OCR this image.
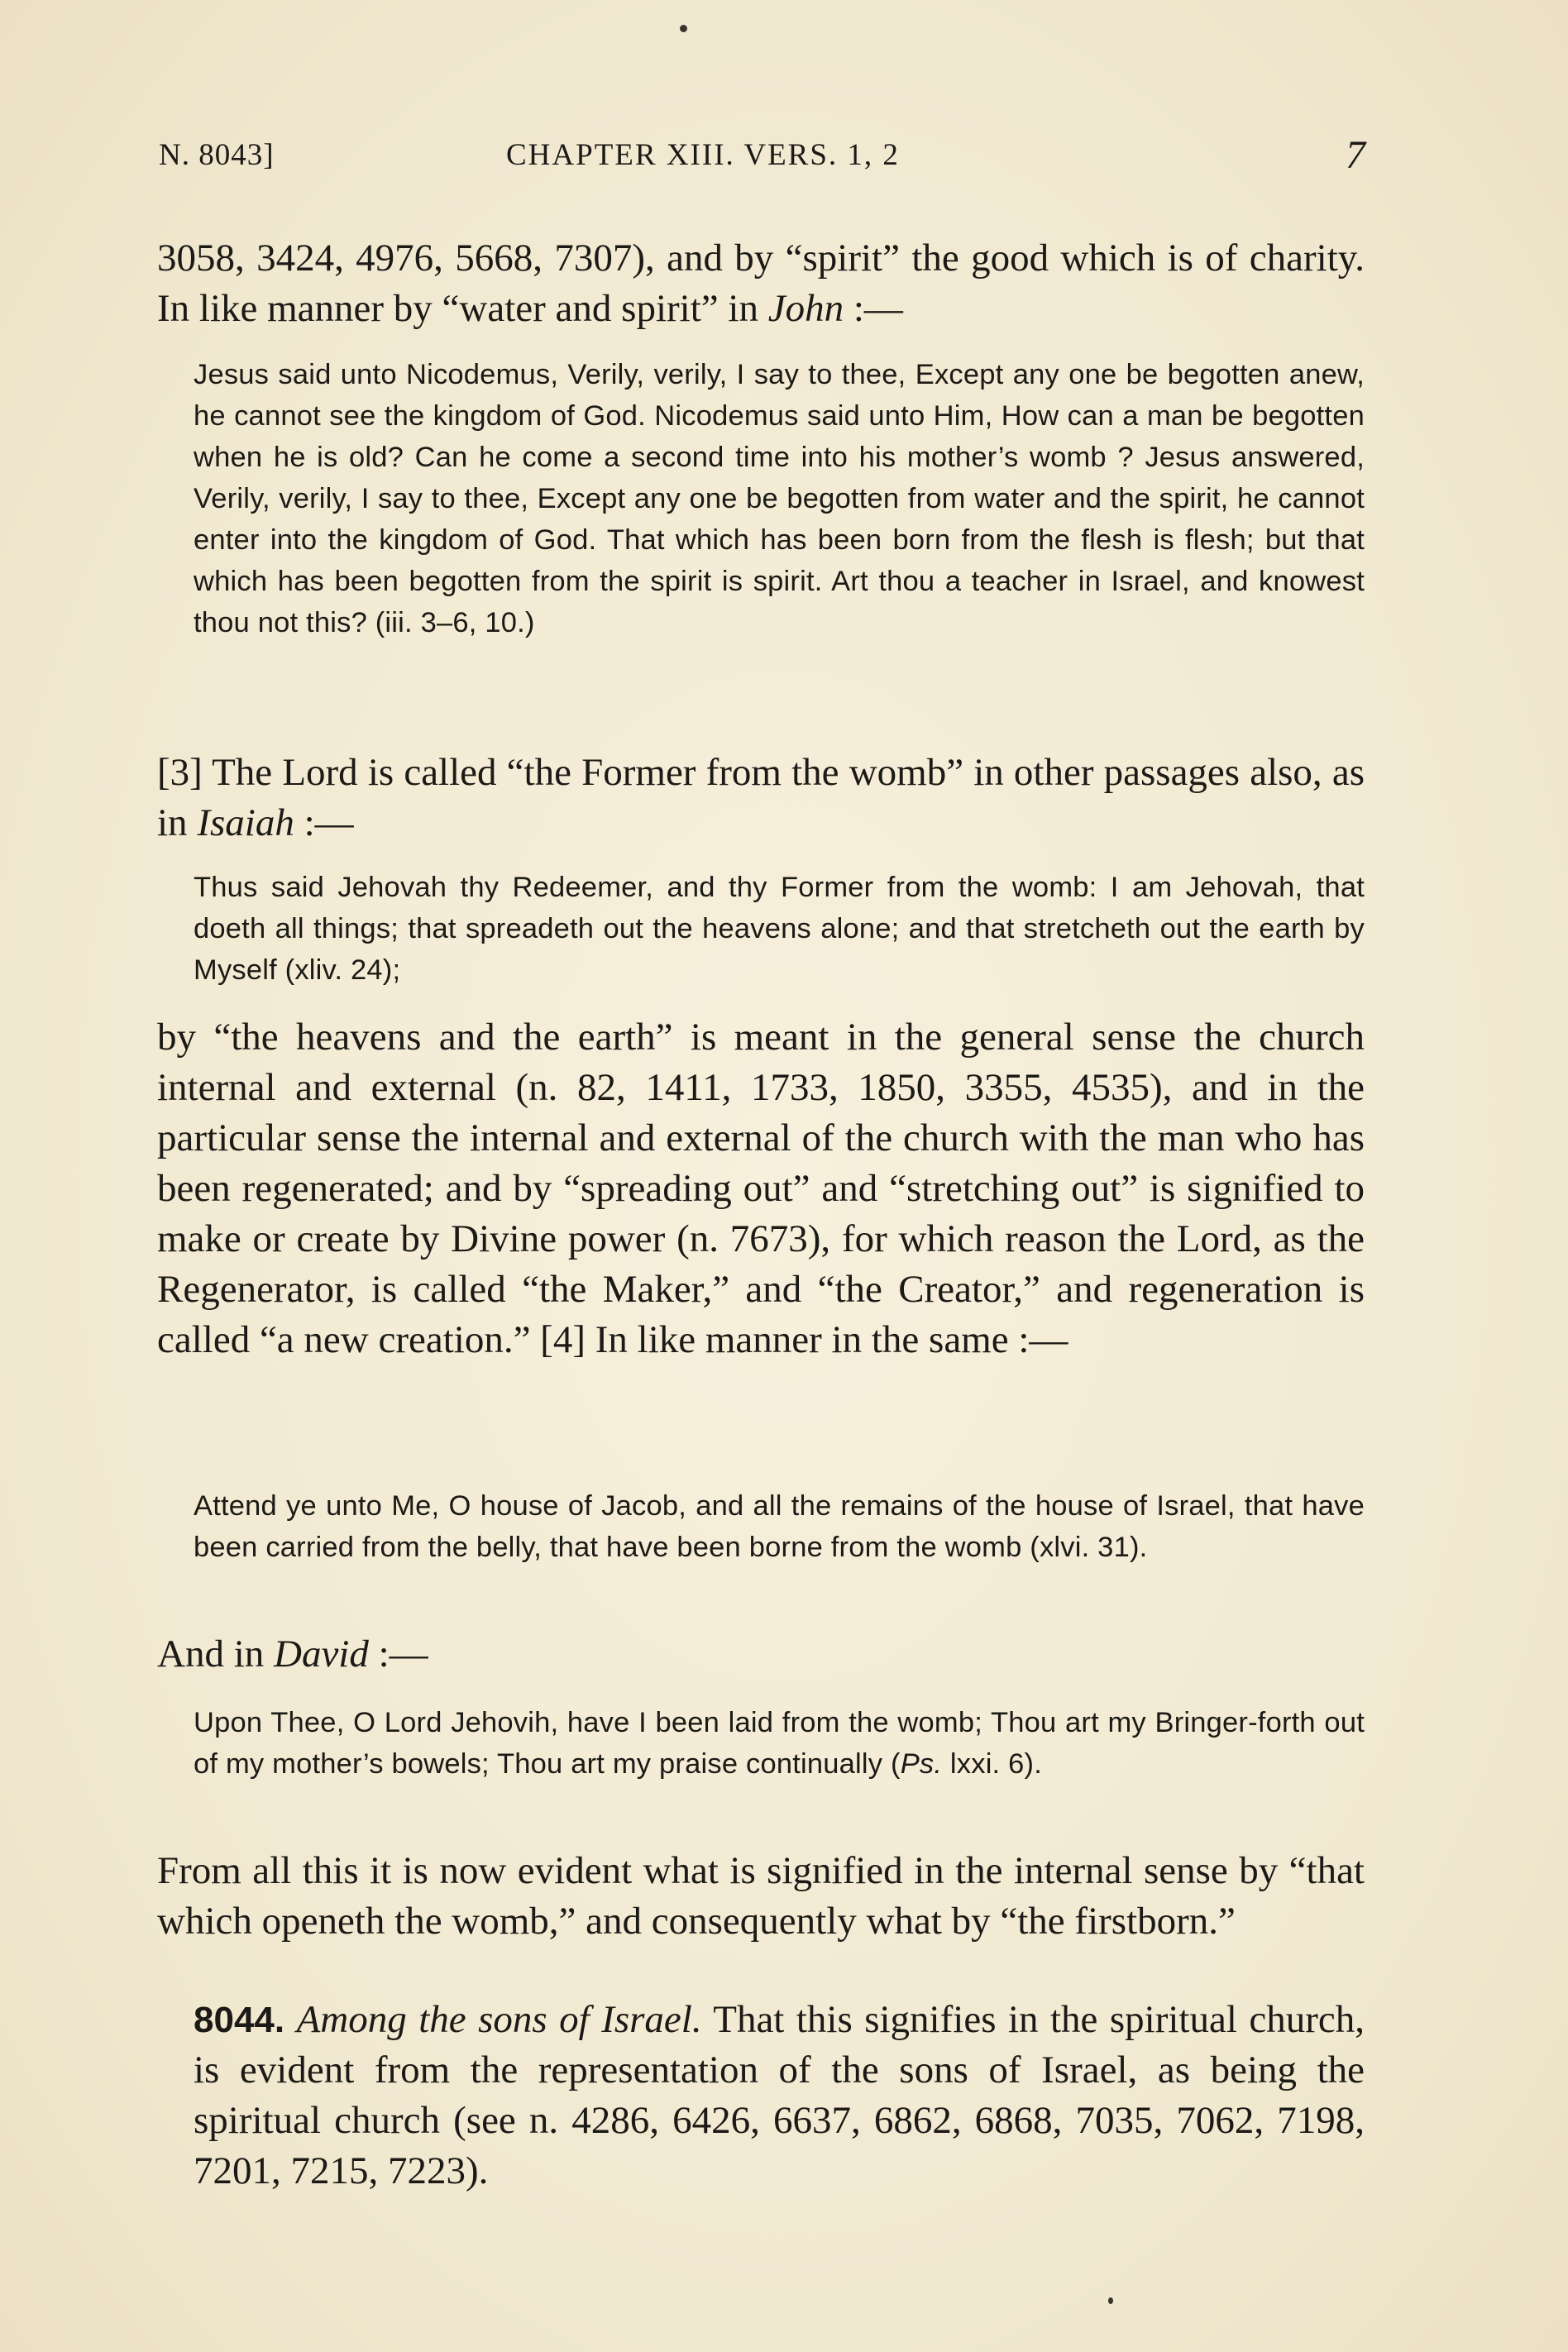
N. 8043]	CHAPTER XIII. VERS. 1, 2	7

3058, 3424, 4976, 5668, 7307), and by “spirit” the good which is of charity. In like manner by “water and spirit” in John :—

Jesus said unto Nicodemus, Verily, verily, I say to thee, Except any one be begotten anew, he cannot see the kingdom of God. Nicodemus said unto Him, How can a man be begotten when he is old? Can he come a second time into his mother’s womb ? Jesus answered, Verily, verily, I say to thee, Except any one be begotten from water and the spirit, he cannot enter into the kingdom of God. That which has been born from the flesh is flesh; but that which has been begotten from the spirit is spirit. Art thou a teacher in Israel, and knowest thou not this? (iii. 3–6, 10.)

[3] The Lord is called “the Former from the womb” in other passages also, as in Isaiah :—

Thus said Jehovah thy Redeemer, and thy Former from the womb: I am Jehovah, that doeth all things; that spreadeth out the heavens alone; and that stretcheth out the earth by Myself (xliv. 24);

by “the heavens and the earth” is meant in the general sense the church internal and external (n. 82, 1411, 1733, 1850, 3355, 4535), and in the particular sense the internal and external of the church with the man who has been regenerated; and by “spreading out” and “stretching out” is signified to make or create by Divine power (n. 7673), for which reason the Lord, as the Regenerator, is called “the Maker,” and “the Creator,” and regeneration is called “a new creation.” [4] In like manner in the same :—

Attend ye unto Me, O house of Jacob, and all the remains of the house of Israel, that have been carried from the belly, that have been borne from the womb (xlvi. 31).

And in David :—

Upon Thee, O Lord Jehovih, have I been laid from the womb; Thou art my Bringer-forth out of my mother’s bowels; Thou art my praise continually (Ps. lxxi. 6).

From all this it is now evident what is signified in the internal sense by “that which openeth the womb,” and consequently what by “the firstborn.”

8044. Among the sons of Israel. That this signifies in the spiritual church, is evident from the representation of the sons of Israel, as being the spiritual church (see n. 4286, 6426, 6637, 6862, 6868, 7035, 7062, 7198, 7201, 7215, 7223).
